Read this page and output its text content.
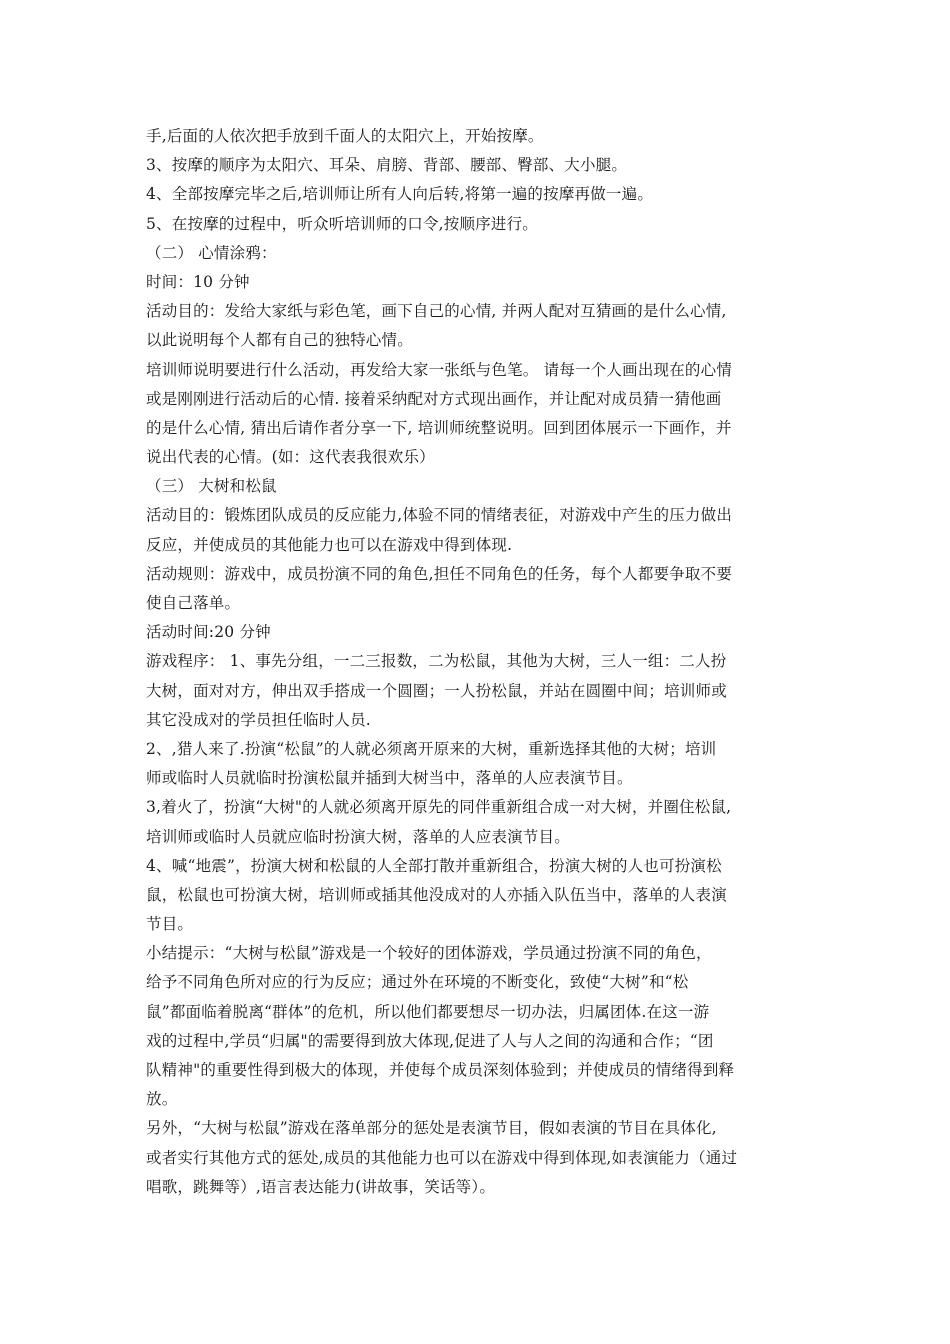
手,后面的人依次把手放到千面人的太阳穴上，开始按摩。
3、按摩的顺序为太阳穴、耳朵、肩膀、背部、腰部、臀部、大小腿。
4、全部按摩完毕之后,培训师让所有人向后转,将第一遍的按摩再做一遍。
5、在按摩的过程中，听众听培训师的口令,按顺序进行。
（二） 心情涂鸦：
时间：10 分钟
活动目的：发给大家纸与彩色笔，画下自己的心情, 并两人配对互猜画的是什么心情,
以此说明每个人都有自己的独特心情。
培训师说明要进行什么活动，再发给大家一张纸与色笔。 请每一个人画出现在的心情
或是刚刚进行活动后的心情. 接着采纳配对方式现出画作，并让配对成员猜一猜他画
的是什么心情, 猜出后请作者分享一下, 培训师统整说明。回到团体展示一下画作，并
说出代表的心情。(如：这代表我很欢乐）
（三） 大树和松鼠
活动目的：锻炼团队成员的反应能力,体验不同的情绪表征，对游戏中产生的压力做出
反应，并使成员的其他能力也可以在游戏中得到体现.
活动规则：游戏中，成员扮演不同的角色,担任不同角色的任务，每个人都要争取不要
使自己落单。
活动时间:20 分钟
游戏程序： 1、事先分组，一二三报数，二为松鼠，其他为大树，三人一组：二人扮
大树，面对对方，伸出双手搭成一个圆圈；一人扮松鼠，并站在圆圈中间；培训师或
其它没成对的学员担任临时人员.
2、,猎人来了.扮演“松鼠”的人就必须离开原来的大树，重新选择其他的大树；培训
师或临时人员就临时扮演松鼠并插到大树当中，落单的人应表演节目。
3,着火了，扮演“大树"的人就必须离开原先的同伴重新组合成一对大树，并圈住松鼠,
培训师或临时人员就应临时扮演大树，落单的人应表演节目。
4、喊“地震”，扮演大树和松鼠的人全部打散并重新组合，扮演大树的人也可扮演松
鼠，松鼠也可扮演大树，培训师或插其他没成对的人亦插入队伍当中，落单的人表演
节目。
小结提示：“大树与松鼠”游戏是一个较好的团体游戏，学员通过扮演不同的角色，
给予不同角色所对应的行为反应；通过外在环境的不断变化，致使“大树”和“松
鼠”都面临着脱离“群体”的危机，所以他们都要想尽一切办法，归属团体.在这一游
戏的过程中,学员“归属"的需要得到放大体现,促进了人与人之间的沟通和合作；“团
队精神"的重要性得到极大的体现，并使每个成员深刻体验到；并使成员的情绪得到释
放。
另外，“大树与松鼠”游戏在落单部分的惩处是表演节目，假如表演的节目在具体化,
或者实行其他方式的惩处,成员的其他能力也可以在游戏中得到体现,如表演能力（通过
唱歌，跳舞等）,语言表达能力(讲故事，笑话等）。
